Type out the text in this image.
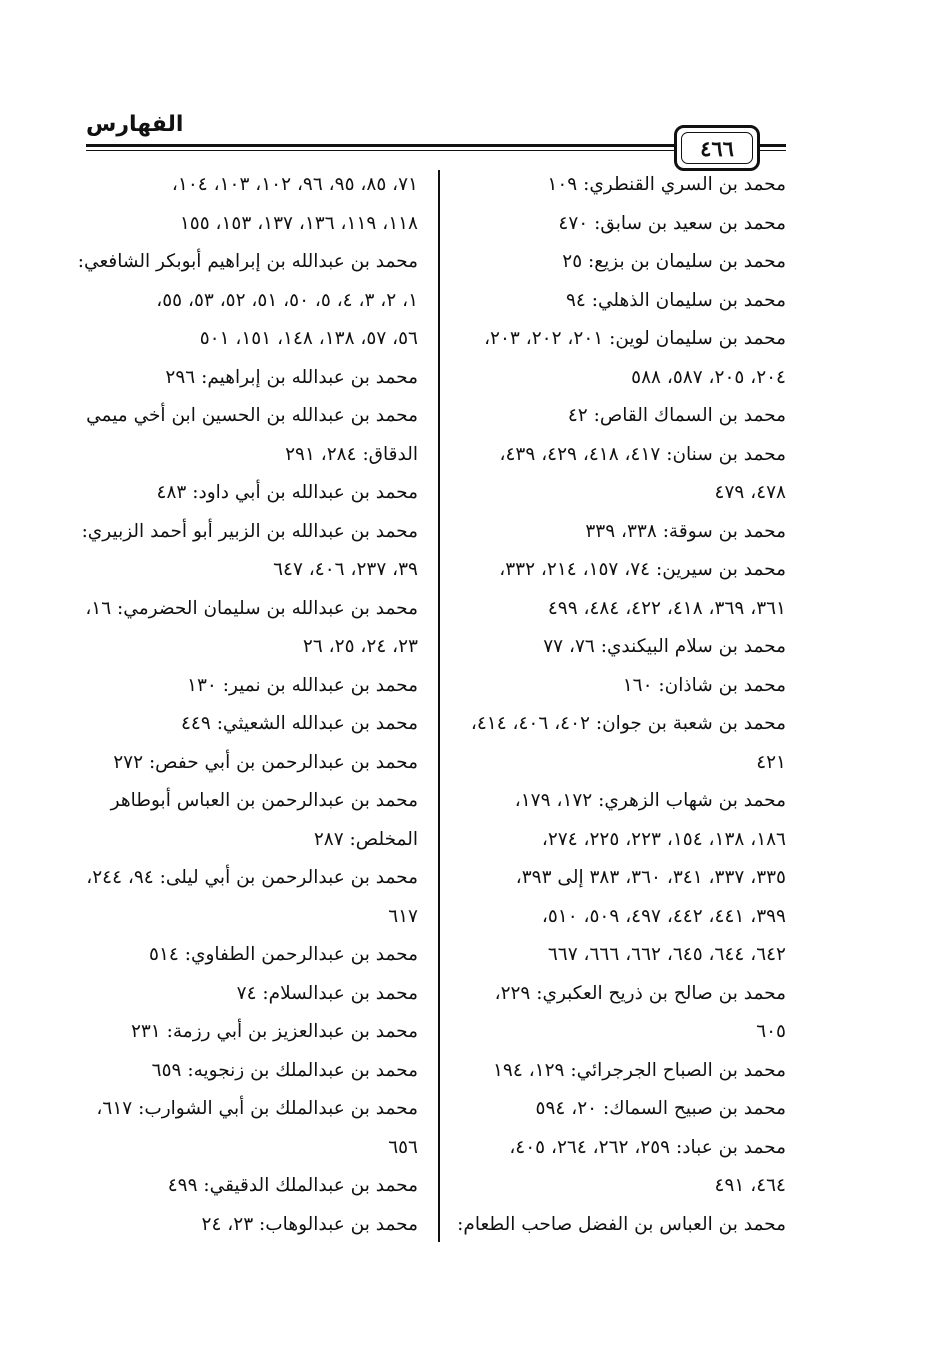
الفهارس
٤٦٦
محمد بن السري القنطري: ١٠٩
محمد بن سعيد بن سابق: ٤٧٠
محمد بن سليمان بن بزيع: ٢٥
محمد بن سليمان الذهلي: ٩٤
محمد بن سليمان لوين: ٢٠١، ٢٠٢، ٢٠٣،
٢٠٤، ٢٠٥، ٥٨٧، ٥٨٨
محمد بن السماك القاص: ٤٢
محمد بن سنان: ٤١٧، ٤١٨، ٤٢٩، ٤٣٩،
٤٧٨، ٤٧٩
محمد بن سوقة: ٣٣٨، ٣٣٩
محمد بن سيرين: ٧٤، ١٥٧، ٢١٤، ٣٣٢،
٣٦١، ٣٦٩، ٤١٨، ٤٢٢، ٤٨٤، ٤٩٩
محمد بن سلام البيكندي: ٧٦، ٧٧
محمد بن شاذان: ١٦٠
محمد بن شعبة بن جوان: ٤٠٢، ٤٠٦، ٤١٤،
٤٢١
محمد بن شهاب الزهري: ١٧٢، ١٧٩،
١٨٦، ١٣٨، ١٥٤، ٢٢٣، ٢٢٥، ٢٧٤،
٣٣٥، ٣٣٧، ٣٤١، ٣٦٠، ٣٨٣ إلى ٣٩٣،
٣٩٩، ٤٤١، ٤٤٢، ٤٩٧، ٥٠٩، ٥١٠،
٦٤٢، ٦٤٤، ٦٤٥، ٦٦٢، ٦٦٦، ٦٦٧
محمد بن صالح بن ذريح العكبري: ٢٢٩،
٦٠٥
محمد بن الصباح الجرجرائي: ١٢٩، ١٩٤
محمد بن صبيح السماك: ٢٠، ٥٩٤
محمد بن عباد: ٢٥٩، ٢٦٢، ٢٦٤، ٤٠٥،
٤٦٤، ٤٩١
محمد بن العباس بن الفضل صاحب الطعام:
٧١، ٨٥، ٩٥، ٩٦، ١٠٢، ١٠٣، ١٠٤،
١١٨، ١١٩، ١٣٦، ١٣٧، ١٥٣، ١٥٥
محمد بن عبدالله بن إبراهيم أبوبكر الشافعي:
١، ٢، ٣، ٤، ٥، ٥٠، ٥١، ٥٢، ٥٣، ٥٥،
٥٦، ٥٧، ١٣٨، ١٤٨، ١٥١، ٥٠١
محمد بن عبدالله بن إبراهيم: ٢٩٦
محمد بن عبدالله بن الحسين ابن أخي ميمي
الدقاق: ٢٨٤، ٢٩١
محمد بن عبدالله بن أبي داود: ٤٨٣
محمد بن عبدالله بن الزبير أبو أحمد الزبيري:
٣٩، ٢٣٧، ٤٠٦، ٦٤٧
محمد بن عبدالله بن سليمان الحضرمي: ١٦،
٢٣، ٢٤، ٢٥، ٢٦
محمد بن عبدالله بن نمير: ١٣٠
محمد بن عبدالله الشعيثي: ٤٤٩
محمد بن عبدالرحمن بن أبي حفص: ٢٧٢
محمد بن عبدالرحمن بن العباس أبوطاهر
المخلص: ٢٨٧
محمد بن عبدالرحمن بن أبي ليلى: ٩٤، ٢٤٤،
٦١٧
محمد بن عبدالرحمن الطفاوي: ٥١٤
محمد بن عبدالسلام: ٧٤
محمد بن عبدالعزيز بن أبي رزمة: ٢٣١
محمد بن عبدالملك بن زنجويه: ٦٥٩
محمد بن عبدالملك بن أبي الشوارب: ٦١٧،
٦٥٦
محمد بن عبدالملك الدقيقي: ٤٩٩
محمد بن عبدالوهاب: ٢٣، ٢٤
